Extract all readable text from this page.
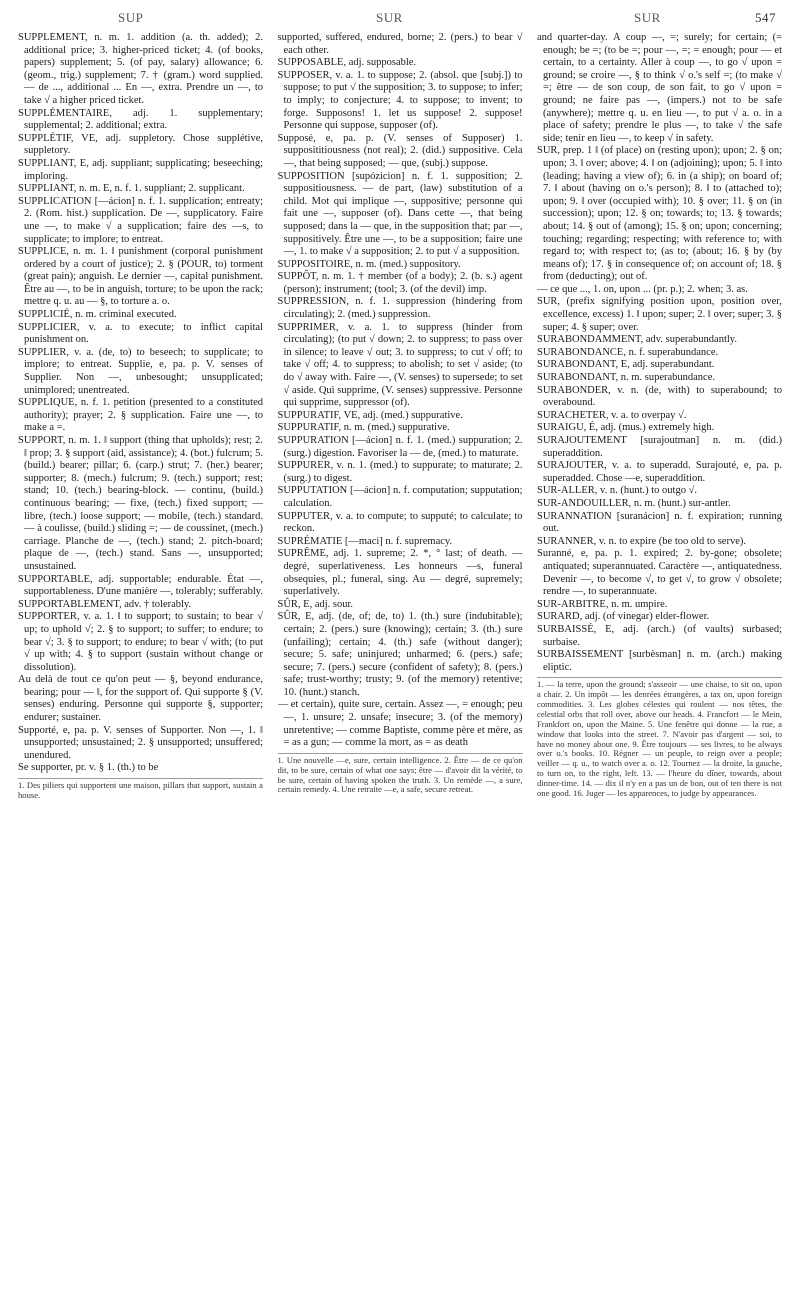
SUP	SUR	SUR	547

SUPPLÉMENT, n. m. 1. addition (a. th. added); 2. additional price; 3. higher-priced ticket; 4. (of books, papers) supplement; 5. (of pay, salary) allowance; 6. (geom., trig.) supplement; 7. † (gram.) word supplied. — de ..., additional ... En —, extra. Prendre un —, to take √ a higher priced ticket.

SUPPLÉMENTAIRE, adj. 1. supplementary; supplemental; 2. additional; extra.

SUPPLÉTIF, VE, adj. suppletory. Chose supplétive, suppletory.

SUPPLIANT, E, adj. suppliant; supplicating; beseeching; imploring.

SUPPLIANT, n. m. E, n. f. 1. suppliant; 2. supplicant.

SUPPLICATION [—ácion] n. f. 1. supplication; entreaty; 2. (Rom. hist.) supplication. De —, supplicatory. Faire une —, to make √ a supplication; faire des —s, to supplicate; to implore; to entreat.

SUPPLICE, n. m. 1. ‖ punishment (corporal punishment ordered by a court of justice); 2. § (POUR, to) torment (great pain); anguish. Le dernier —, capital punishment. Être au —, to be in anguish, torture; to be upon the rack; mettre q. u. au — §, to torture a. o.

SUPPLICIÉ, n. m. criminal executed.

SUPPLICIER, v. a. to execute; to inflict capital punishment on.

SUPPLIER, v. a. (de, to) to beseech; to supplicate; to implore; to entreat. Supplie, e, pa. p. V. senses of Supplier. Non —, unbesought; unsupplicated; unimplored; unentreated.

SUPPLIQUE, n. f. 1. petition (presented to a constituted authority); prayer; 2. § supplication. Faire une —, to make a =.

SUPPORT, n. m. 1. ‖ support (thing that upholds); rest; 2. ‖ prop; 3. § support (aid, assistance); 4. (bot.) fulcrum; 5. (build.) bearer; pillar; 6. (carp.) strut; 7. (her.) bearer; supporter; 8. (mech.) fulcrum; 9. (tech.) support; rest; stand; 10. (tech.) bearing-block. — continu, (build.) continuous bearing; — fixe, (tech.) fixed support; — libre, (tech.) loose support; — mobile, (tech.) standard. — à coulisse, (build.) sliding =; — de coussinet, (mech.) carriage. Planche de —, (tech.) stand; 2. pitch-board; plaque de —, (tech.) stand. Sans —, unsupported; unsustained.

SUPPORTABLE, adj. supportable; endurable. État —, supportableness. D'une manière —, tolerably; sufferably.

SUPPORTABLEMENT, adv. † tolerably.

SUPPORTER, v. a. 1. ‖ to support; to sustain; to bear √ up; to uphold √; 2. § to support; to suffer; to endure; to bear √; 3. § to support; to endure; to bear √ with; (to put √ up with; 4. § to support (sustain without change or dissolution).

Au delà de tout ce qu'on peut — §, beyond endurance, bearing; pour — ‖, for the support of. Qui supporte § (V. senses) enduring. Personne qui supporte §, supporter; endurer; sustainer.

Supporté, e, pa. p. V. senses of Supporter. Non —, 1. ‖ unsupported; unsustained; 2. § unsupported; unsuffered; unendured.

Se supporter, pr. v. § 1. (th.) to be

1. Des piliers qui supportent une maison, pillars that support, sustain a house.

supported, suffered, endured, borne; 2. (pers.) to bear √ each other.

SUPPOSABLE, adj. supposable.

SUPPOSER, v. a. 1. to suppose; 2. (absol. que [subj.]) to suppose; to put √ the supposition; 3. to suppose; to infer; to imply; to conjecture; 4. to suppose; to invent; to forge. Supposons! 1. let us suppose! 2. suppose! Personne qui suppose, supposer (of).

Supposé, e, pa. p. (V. senses of Supposer) 1. supposititiousness (not real); 2. (did.) suppositive. Cela —, that being supposed; — que, (subj.) suppose.

SUPPOSITION [supózicion] n. f. 1. supposition; 2. suppositiousness. — de part, (law) substitution of a child. Mot qui implique —, suppositive; personne qui fait une —, supposer (of). Dans cette —, that being supposed; dans la — que, in the supposition that; par —, suppositively. Être une —, to be a supposition; faire une —, 1. to make √ a supposition; 2. to put √ a supposition.

SUPPOSITOIRE, n. m. (med.) suppository.

SUPPÔT, n. m. 1. † member (of a body); 2. (b. s.) agent (person); instrument; (tool; 3. (of the devil) imp.

SUPPRESSION, n. f. 1. suppression (hindering from circulating); 2. (med.) suppression.

SUPPRIMER, v. a. 1. to suppress (hinder from circulating); (to put √ down; 2. to suppress; to pass over in silence; to leave √ out; 3. to suppress; to cut √ off; to take √ off; 4. to suppress; to abolish; to set √ aside; (to do √ away with. Faire —, (V. senses) to supersede; to set √ aside. Qui supprime, (V. senses) suppressive. Personne qui supprime, suppressor (of).

SUPPURATIF, VE, adj. (med.) suppurative.

SUPPURATIF, n. m. (med.) suppurative.

SUPPURATION [—ácion] n. f. 1. (med.) suppuration; 2. (surg.) digestion. Favoriser la — de, (med.) to maturate.

SUPPURER, v. n. 1. (med.) to suppurate; to maturate; 2. (surg.) to digest.

SUPPUTATION [—ácion] n. f. computation; supputation; calculation.

SUPPUTER, v. a. to compute; to supputé; to calculate; to reckon.

SUPRÉMATIE [—maci] n. f. supremacy.

SUPRÊME, adj. 1. supreme; 2. *, ° last; of death. — degré, superlativeness. Les honneurs —s, funeral obsequies, pl.; funeral, sing. Au — degré, supremely; superlatively.

SÛR, E, adj. sour.

SÛR, E, adj. (de, of; de, to) 1. (th.) sure (indubitable); certain; 2. (pers.) sure (knowing); certain; 3. (th.) sure (unfailing); certain; 4. (th.) safe (without danger); secure; 5. safe; uninjured; unharmed; 6. (pers.) safe; secure; 7. (pers.) secure (confident of safety); 8. (pers.) safe; trust-worthy; trusty; 9. (of the memory) retentive; 10. (hunt.) stanch.

— et certain), quite sure, certain. Assez —, = enough; peu —, 1. unsure; 2. unsafe; insecure; 3. (of the memory) unretentive; — comme Baptiste, comme père et mère, as = as a gun; — comme la mort, as = as death

1. Une nouvelle —e, sure, certain intelligence. 2. Être — de ce qu'on dit, to be sure, certain of what one says; être — d'avoir dit la vérité, to be sure, certain of having spoken the truth. 3. Un remède —, a sure, certain remedy. 4. Une retraite —e, a safe, secure retreat.

and quarter-day. À coup —, =; surely; for certain; (= enough; be =; (to be =; pour —, =; = enough; pour — et certain, to a certainty. Aller à coup —, to go √ upon = ground; se croire —, § to think √ o.'s self =; (to make √ =; être — de son coup, de son fait, to go √ upon = ground; ne faire pas —, (impers.) not to be safe (anywhere); mettre q. u. en lieu —, to put √ a. o. in a place of safety; prendre le plus —, to take √ the safe side; tenir en lieu —, to keep √ in safety.

SUR, prep. 1 ‖ (of place) on (resting upon); upon; 2. § on; upon; 3. ‖ over; above; 4. ‖ on (adjoining); upon; 5. ‖ into (leading; having a view of); 6. in (a ship); on board of; 7. ‖ about (having on o.'s person); 8. ‖ to (attached to); upon; 9. ‖ over (occupied with); 10. § over; 11. § on (in succession); upon; 12. § on; towards; to; 13. § towards; about; 14. § out of (among); 15. § on; upon; concerning; touching; regarding; respecting; with reference to; with regard to; with respect to; (as to; (about; 16. § by (by means of); 17. § in consequence of; on account of; 18. § from (deducting); out of.

— ce que ..., 1. on, upon ... (pr. p.); 2. when; 3. as.

SUR, (prefix signifying position upon, position over, excellence, excess) 1. ‖ upon; super; 2. ‖ over; super; 3. § super; 4. § super; over.

SURABONDAMMENT, adv. superabundantly.

SURABONDANCE, n. f. superabundance.

SURABONDANT, E, adj. superabundant.

SURABONDANT, n. m. superabundance.

SURABONDER, v. n. (de, with) to superabound; to overabound.

SURACHETER, v. a. to overpay √.

SURAIGU, É, adj. (mus.) extremely high.

SURAJOUTEMENT [surajoutman] n. m. (did.) superaddition.

SURAJOUTER, v. a. to superadd. Surajouté, e, pa. p. superadded. Chose —e, superaddition.

SUR-ALLER, v. n. (hunt.) to outgo √.

SUR-ANDOUILLER, n. m. (hunt.) sur-antler.

SURANNATION [suranácion] n. f. expiration; running out.

SURANNER, v. n. to expire (be too old to serve).

Suranné, e, pa. p. 1. expired; 2. by-gone; obsolete; antiquated; superannuated. Caractère —, antiquatedness. Devenir —, to become √, to get √, to grow √ obsolete; rendre —, to superannuate.

SUR-ARBITRE, n. m. umpire.

SURARD, adj. (of vinegar) elder-flower.

SURBAISSÉ, E, adj. (arch.) (of vaults) surbased; surbaise.

SURBAISSEMENT [surbèsman] n. m. (arch.) making eliptic.

1. — la terre, upon the ground; s'asseoir — une chaise, to sit on, upon a chair. 2. Un impôt — les denrées étrangères, a tax on, upon foreign commodities. 3. Les globes célestes qui roulent — nos têtes, the celestial orbs that roll over, above our heads. 4. Francfort — le Mein, Frankfort on, upon the Maine. 5. Une fenêtre qui donne — la rue, a window that looks into the street. 7. N'avoir pas d'argent — soi, to have no money about one. 9. Être toujours — ses livres, to be always over o.'s books. 10. Régner — un peuple, to reign over a people; veiller — q. u., to watch over a. o. 12. Tournez — la droite, la gauche, to turn on, to the right, left. 13. — l'heure du dîner, towards, about dinner-time. 14. — dix il n'y en a pas un de bon, out of ten there is not one good. 16. Juger — les apparences, to judge by appearances.
